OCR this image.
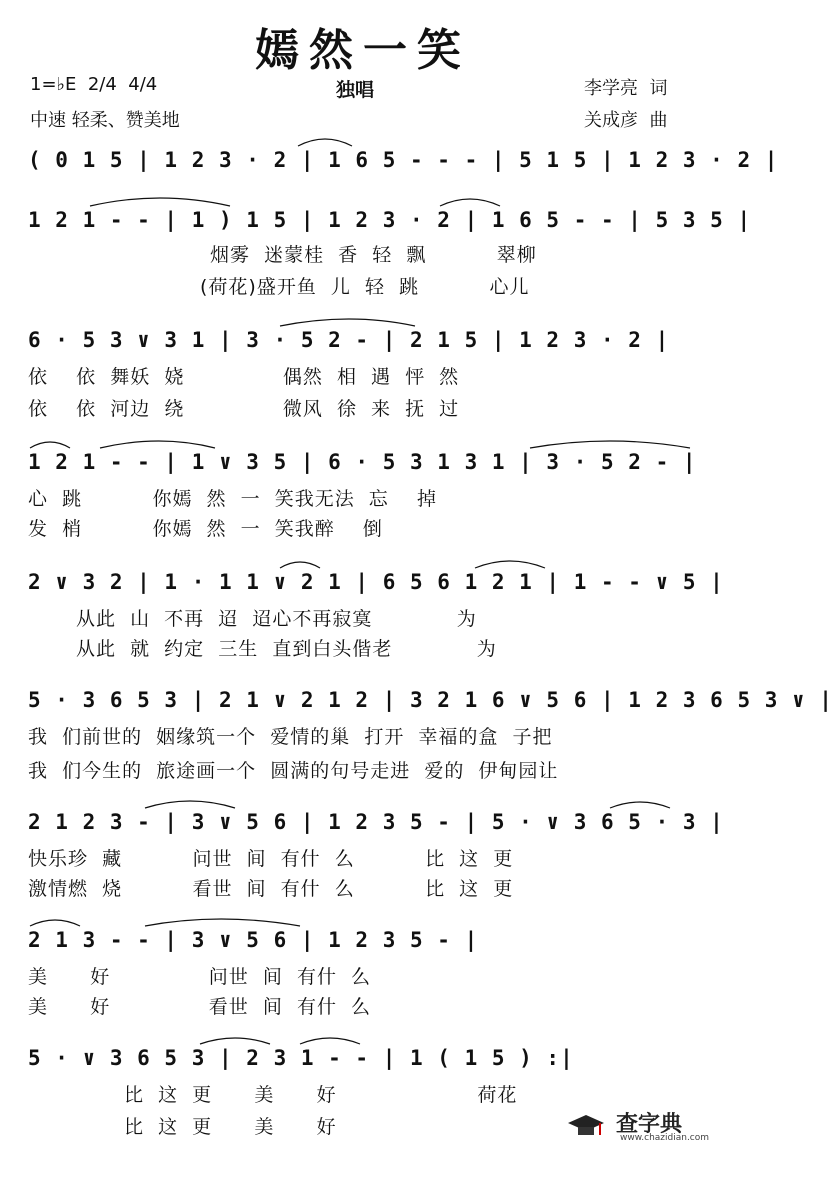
嫣然一笑
1=♭E  2/4  4/4
中速 轻柔、赞美地
独唱	李学亮  词
关成彦  曲
( 0 1 5 | 1 2 3 · 2 | 1 6 5 - - - | 5 1 5 | 1 2 3 · 2 |
1 2 1 - - | 1 ) 1 5 | 1 2 3 · 2 | 1 6 5 - - | 5 3 5 |
烟雾  迷蒙桂  香  轻  飘          翠柳
(荷花)盛开鱼  儿  轻  跳          心儿
6 · 5 3 ∨ 3 1 | 3 · 5 2 - | 2 1 5 | 1 2 3 · 2 |
依    依  舞妖  娆              偶然  相  遇  怦  然
依    依  河边  绕              微风  徐  来  抚  过
1 2 1 - - | 1 ∨ 3 5 | 6 · 5 3 1 3 1 | 3 · 5 2 - |
心  跳          你嫣  然  一  笑我无法  忘    掉
发  梢          你嫣  然  一  笑我醉    倒
2 ∨ 3 2 | 1 · 1 1 ∨ 2 1 | 6 5 6 1 2 1 | 1 - - ∨ 5 |
从此  山  不再  迢  迢心不再寂寞            为
从此  就  约定  三生  直到白头偕老            为
5 · 3 6 5 3 | 2 1 ∨ 2 1 2 | 3 2 1 6 ∨ 5 6 | 1 2 3 6 5 3 ∨ |
我  们前世的  姻缘筑一个  爱情的巢  打开  幸福的盒  子把
我  们今生的  旅途画一个  圆满的句号走进  爱的  伊甸园让
2 1 2 3 - | 3 ∨ 5 6 | 1 2 3 5 - | 5 · ∨ 3 6 5 · 3 |
快乐珍  藏          问世  间  有什  么          比  这  更
激情燃  烧          看世  间  有什  么          比  这  更
2 1 3 - - | 3 ∨ 5 6 | 1 2 3 5 - |
美      好              问世  间  有什  么
美      好              看世  间  有什  么
5 · ∨ 3 6 5 3 | 2 3 1 - - | 1 ( 1 5 ) :|
比  这  更      美      好                    荷花
比  这  更      美      好

	查字典

www.chazidian.com
